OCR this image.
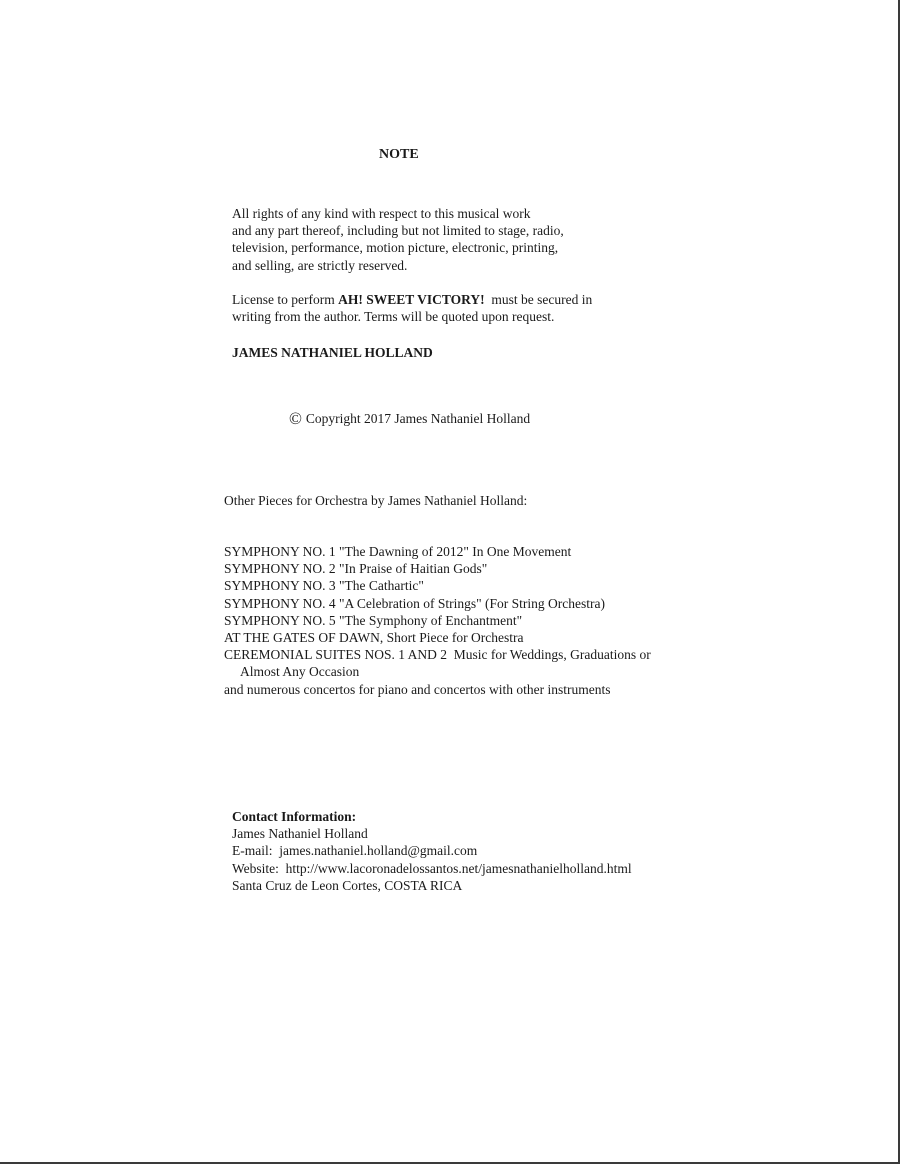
NOTE
All rights of any kind with respect to this musical work
and any part thereof, including but not limited to stage, radio,
television, performance, motion picture, electronic, printing,
and selling, are strictly reserved.
License to perform AH! SWEET VICTORY!  must be secured in
writing from the author. Terms will be quoted upon request.
JAMES NATHANIEL HOLLAND
© Copyright 2017 James Nathaniel Holland
Other Pieces for Orchestra by James Nathaniel Holland:
SYMPHONY NO. 1 "The Dawning of 2012" In One Movement
SYMPHONY NO. 2 "In Praise of Haitian Gods"
SYMPHONY NO. 3 "The Cathartic"
SYMPHONY NO. 4 "A Celebration of Strings" (For String Orchestra)
SYMPHONY NO. 5 "The Symphony of Enchantment"
AT THE GATES OF DAWN, Short Piece for Orchestra
CEREMONIAL SUITES NOS. 1 AND 2  Music for Weddings, Graduations or
Almost Any Occasion
and numerous concertos for piano and concertos with other instruments
Contact Information:
James Nathaniel Holland
E-mail:  james.nathaniel.holland@gmail.com
Website:  http://www.lacoronadelossantos.net/jamesnathanielholland.html
Santa Cruz de Leon Cortes, COSTA RICA
